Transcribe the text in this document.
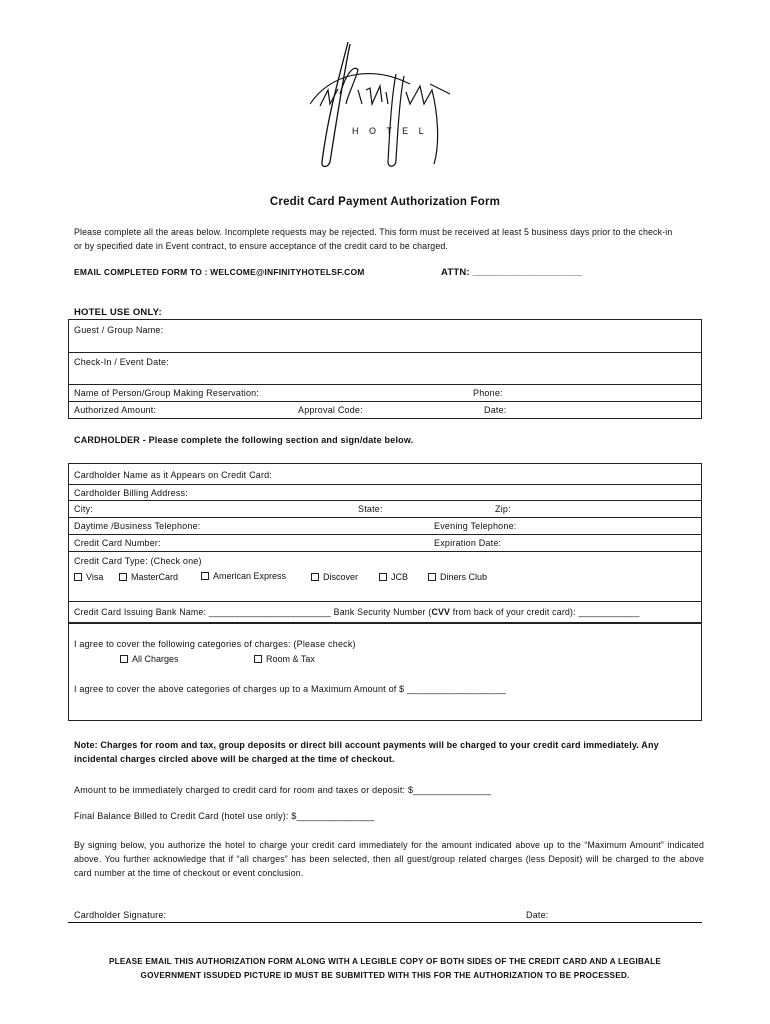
H O T E L
Credit Card Payment Authorization Form
Please complete all the areas below. Incomplete requests may be rejected. This form must be received at least 5 business days prior to the check-in
or by specified date in Event contract, to ensure acceptance of the credit card to be charged.
EMAIL COMPLETED FORM TO : WELCOME@INFINITYHOTELSF.COM	ATTN: ____________________
HOTEL USE ONLY:
Guest / Group Name:
Check-In / Event Date:
Name of Person/Group Making Reservation:	Phone:
Authorized Amount:	Approval Code:	Date:
CARDHOLDER - Please complete the following section and sign/date below.
Cardholder Name as it Appears on Credit Card:
Cardholder Billing Address:
City:	State:	Zip:
Daytime /Business Telephone:	Evening Telephone:
Credit Card Number:	Expiration Date:
Credit Card Type: (Check one)
Visa	MasterCard	American Express	Discover	JCB	Diners Club
Credit Card Issuing Bank Name: ________________________ Bank Security Number (CVV from back of your credit card): ____________
I agree to cover the following categories of charges: (Please check)
All Charges	Room & Tax
I agree to cover the above categories of charges up to a Maximum Amount of $ ___________________
Note: Charges for room and tax, group deposits or direct bill account payments will be charged to your credit card immediately. Any incidental charges circled above will be charged at the time of checkout.
Amount to be immediately charged to credit card for room and taxes or deposit: $_______________
Final Balance Billed to Credit Card (hotel use only): $_______________
By signing below, you authorize the hotel to charge your credit card immediately for the amount indicated above up to the “Maximum Amount” indicated above. You further acknowledge that if “all charges” has been selected, then all guest/group related charges (less Deposit) will be charged to the above card number at the time of checkout or event conclusion.
Cardholder Signature:	Date:
PLEASE EMAIL THIS AUTHORIZATION FORM ALONG WITH A LEGIBLE COPY OF BOTH SIDES OF THE CREDIT CARD AND A LEGIBALE
GOVERNMENT ISSUDED PICTURE ID MUST BE SUBMITTED WITH THIS FOR THE AUTHORIZATION TO BE PROCESSED.
